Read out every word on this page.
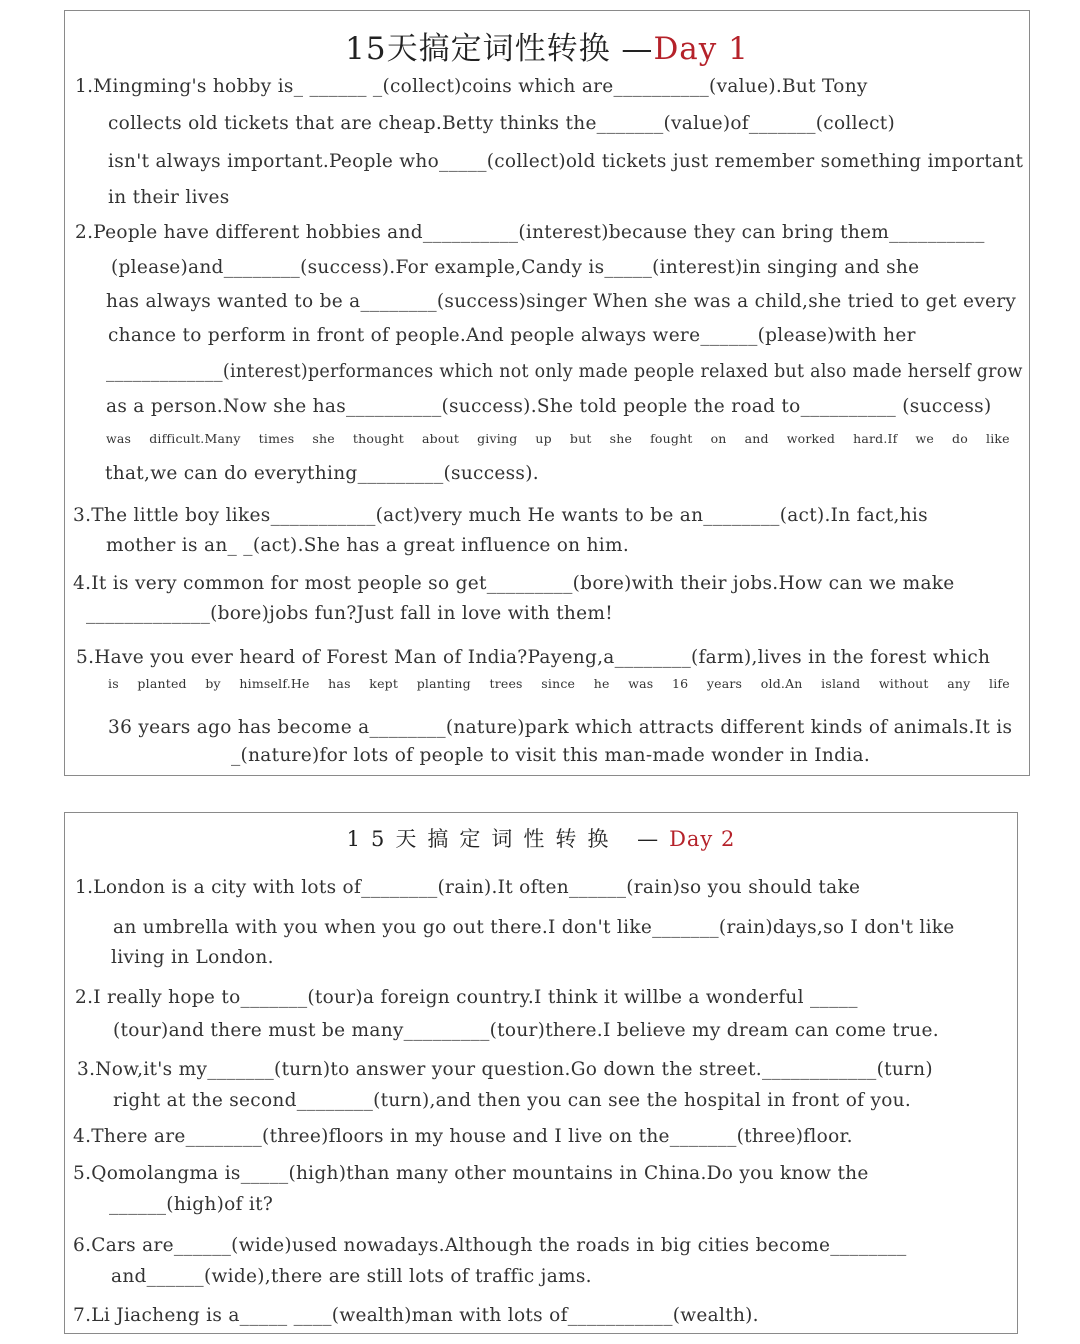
15天搞定词性转换 —Day 1
1.Mingming's hobby is_ ______ _(collect)coins which are__________(value).But Tony
collects old tickets that are cheap.Betty thinks the_______(value)of_______(collect)
isn't always important.People who_____(collect)old tickets just remember something important
in their lives
2.People have different hobbies and__________(interest)because they can bring them__________
(please)and________(success).For example,Candy is_____(interest)in singing and she
has always wanted to be a________(success)singer When she was a child,she tried to get every
chance to perform in front of people.And people always were______(please)with her
_____________(interest)performances which not only made people relaxed but also made herself grow
as a person.Now she has__________(success).She told people the road to__________ (success)
was difficult.Many times she thought about giving up but she fought on and worked hard.If we do like
that,we can do everything_________(success).
3.The little boy likes___________(act)very much He wants to be an________(act).In fact,his
mother is an_ _(act).She has a great influence on him.
4.It is very common for most people so get_________(bore)with their jobs.How can we make
_____________(bore)jobs fun?Just fall in love with them!
5.Have you ever heard of Forest Man of India?Payeng,a________(farm),lives in the forest which
is planted by himself.He has kept planting trees since he was 16 years old.An island without any life
36 years ago has become a________(nature)park which attracts different kinds of animals.It is
_(nature)for lots of people to visit this man-made wonder in India.
15天搞定词性转换 —Day 2
1.London is a city with lots of________(rain).It often______(rain)so you should take
an umbrella with you when you go out there.I don't like_______(rain)days,so I don't like
living in London.
2.I really hope to_______(tour)a foreign country.I think it willbe a wonderful _____
(tour)and there must be many_________(tour)there.I believe my dream can come true.
3.Now,it's my_______(turn)to answer your question.Go down the street.____________(turn)
right at the second________(turn),and then you can see the hospital in front of you.
4.There are________(three)floors in my house and I live on the_______(three)floor.
5.Qomolangma is_____(high)than many other mountains in China.Do you know the
______(high)of it?
6.Cars are______(wide)used nowadays.Although the roads in big cities become________
and______(wide),there are still lots of traffic jams.
7.Li Jiacheng is a_____ ____(wealth)man with lots of___________(wealth).
